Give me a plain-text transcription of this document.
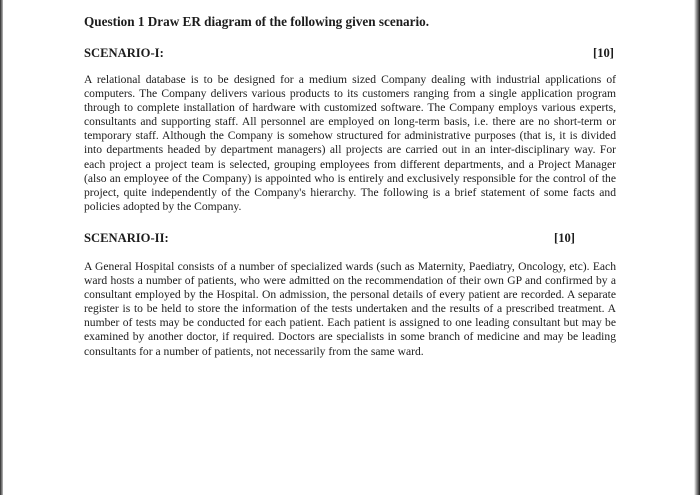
Question 1 Draw ER diagram of the following given scenario.

SCENARIO-I:	[10]

A relational database is to be designed for a medium sized Company dealing with industrial applications of computers. The Company delivers various products to its customers ranging from a single application program through to complete installation of hardware with customized software. The Company employs various experts, consultants and supporting staff. All personnel are employed on long-term basis, i.e. there are no short-term or temporary staff. Although the Company is somehow structured for administrative purposes (that is, it is divided into departments headed by department managers) all projects are carried out in an inter-disciplinary way. For each project a project team is selected, grouping employees from different departments, and a Project Manager (also an employee of the Company) is appointed who is entirely and exclusively responsible for the control of the project, quite independently of the Company's hierarchy. The following is a brief statement of some facts and policies adopted by the Company.

SCENARIO-II:	[10]

A General Hospital consists of a number of specialized wards (such as Maternity, Paediatry, Oncology, etc). Each ward hosts a number of patients, who were admitted on the recommendation of their own GP and confirmed by a consultant employed by the Hospital. On admission, the personal details of every patient are recorded. A separate register is to be held to store the information of the tests undertaken and the results of a prescribed treatment. A number of tests may be conducted for each patient. Each patient is assigned to one leading consultant but may be examined by another doctor, if required. Doctors are specialists in some branch of medicine and may be leading consultants for a number of patients, not necessarily from the same ward.
